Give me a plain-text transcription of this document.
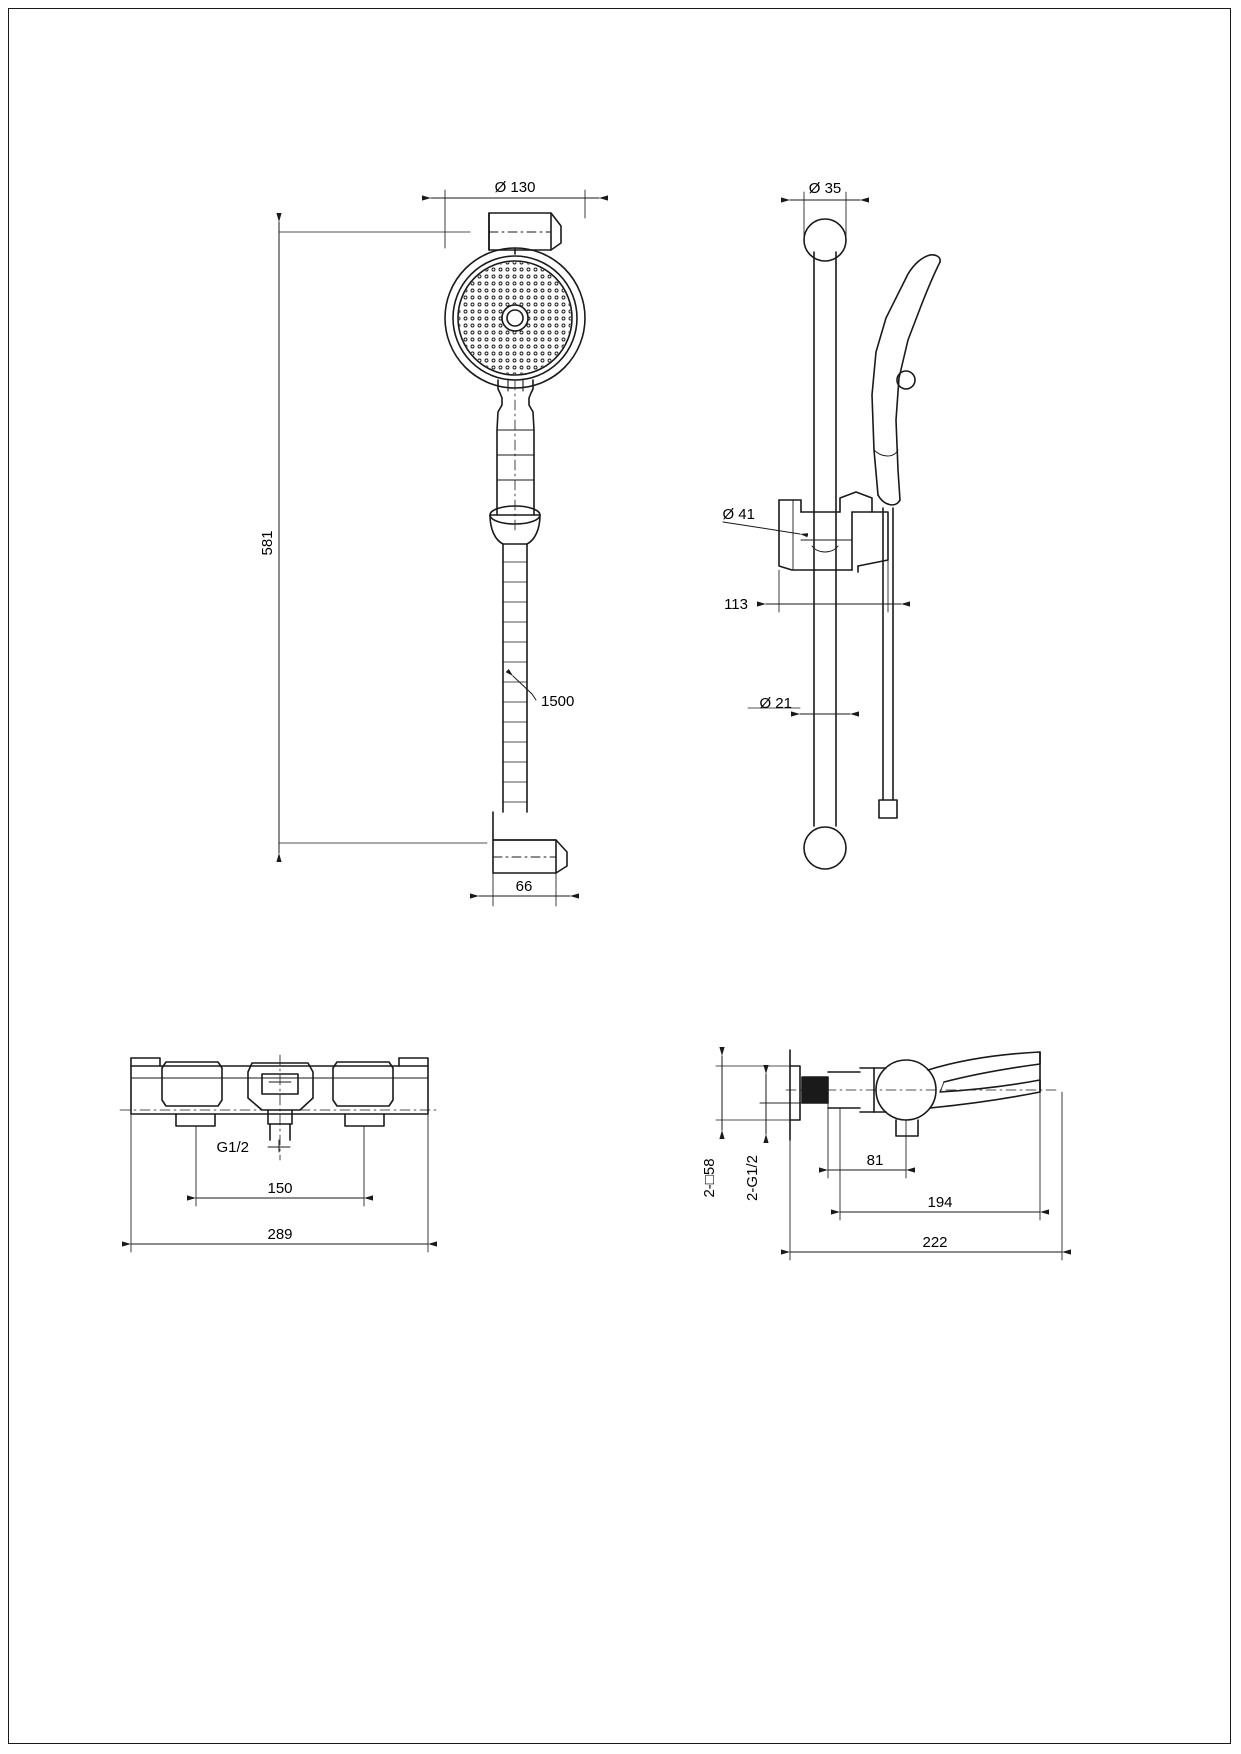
Ø 130
581
1500
66
Ø 35
Ø 41
113
Ø 21
G1/2
150
289
2-□58 2-G1/2	81
194
222
